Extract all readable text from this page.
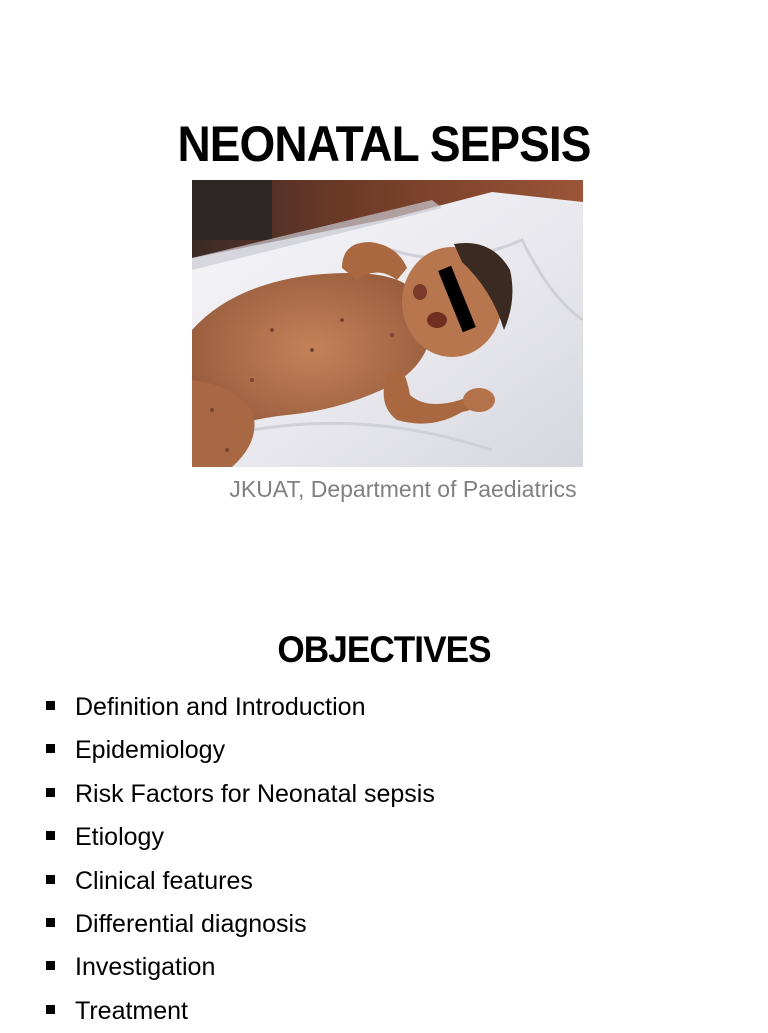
NEONATAL SEPSIS
JKUAT, Department of Paediatrics
OBJECTIVES
Definition and Introduction
Epidemiology
Risk Factors for Neonatal sepsis
Etiology
Clinical features
Differential diagnosis
Investigation
Treatment
